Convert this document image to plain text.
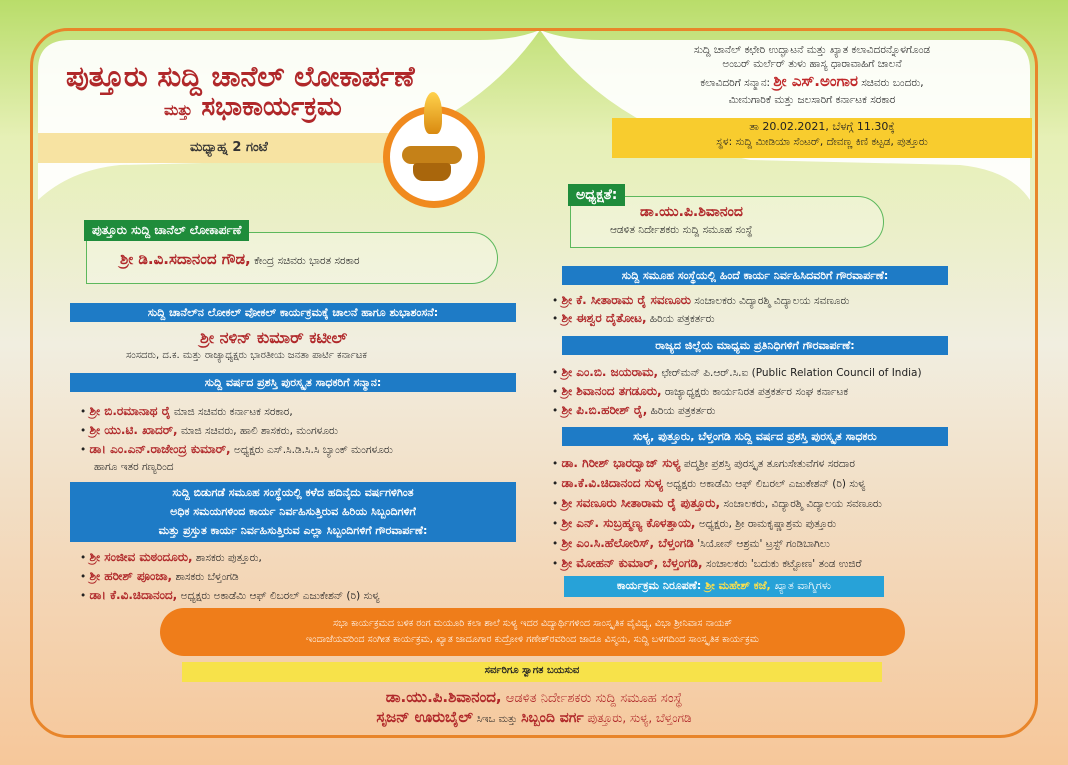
ಪುತ್ತೂರು ಸುದ್ದಿ ಚಾನೆಲ್ ಲೋಕಾರ್ಪಣೆ
ಮತ್ತು ಸಭಾಕಾರ್ಯಕ್ರಮ
ಮಧ್ಯಾಹ್ನ 2 ಗಂಟೆ
ಸುದ್ದಿ ಚಾನೆಲ್ ಕಛೇರಿ ಉದ್ಘಾಟನೆ ಮತ್ತು ಖ್ಯಾತ ಕಲಾವಿದರನ್ನೊಳಗೊಂಡ
ಅಂಬರ್ ಮರ್ಲೆರ್ ತುಳು ಹಾಸ್ಯ ಧಾರಾವಾಹಿಗೆ ಚಾಲನೆ
ಕಲಾವಿದರಿಗೆ ಸನ್ಮಾನ: ಶ್ರೀ ಎಸ್.ಅಂಗಾರ ಸಚಿವರು ಬಂದರು,
ಮೀನುಗಾರಿಕೆ ಮತ್ತು ಜಲಸಾರಿಗೆ ಕರ್ನಾಟಕ ಸರಕಾರ
ತಾ 20.02.2021, ಬೆಳಗ್ಗೆ 11.30ಕ್ಕೆ
ಸ್ಥಳ: ಸುದ್ದಿ ಮೀಡಿಯಾ ಸೆಂಟರ್, ದೇವಣ್ಣ ಕಿಣಿ ಕಟ್ಟಡ, ಪುತ್ತೂರು
ಪುತ್ತೂರು ಸುದ್ದಿ ಚಾನೆಲ್ ಲೋಕಾರ್ಪಣೆ
ಶ್ರೀ ಡಿ.ವಿ.ಸದಾನಂದ ಗೌಡ, ಕೇಂದ್ರ ಸಚಿವರು ಭಾರತ ಸರಕಾರ
ಸುದ್ದಿ ಚಾನೆಲ್‌ನ ಲೋಕಲ್ ವೋಕಲ್ ಕಾರ್ಯಕ್ರಮಕ್ಕೆ ಚಾಲನೆ ಹಾಗೂ ಶುಭಾಶಂಸನೆ:
ಶ್ರೀ ನಳಿನ್ ಕುಮಾರ್ ಕಟೀಲ್
ಸಂಸದರು, ದ.ಕ. ಮತ್ತು ರಾಜ್ಯಾಧ್ಯಕ್ಷರು ಭಾರತೀಯ ಜನತಾ ಪಾರ್ಟಿ ಕರ್ನಾಟಕ
ಸುದ್ದಿ ವರ್ಷದ ಪ್ರಶಸ್ತಿ ಪುರಸ್ಕೃತ ಸಾಧಕರಿಗೆ ಸನ್ಮಾನ:
• ಶ್ರೀ ಬಿ.ರಮಾನಾಥ ರೈ ಮಾಜಿ ಸಚಿವರು ಕರ್ನಾಟಕ ಸರಕಾರ,
• ಶ್ರೀ ಯು.ಟಿ. ಖಾದರ್, ಮಾಜಿ ಸಚಿವರು, ಹಾಲಿ ಶಾಸಕರು, ಮಂಗಳೂರು
• ಡಾ। ಎಂ.ಎನ್.ರಾಜೇಂದ್ರ ಕುಮಾರ್, ಅಧ್ಯಕ್ಷರು ಎಸ್.ಸಿ.ಡಿ.ಸಿ.ಸಿ ಬ್ಯಾಂಕ್ ಮಂಗಳೂರು
ಹಾಗೂ ಇತರ ಗಣ್ಯರಿಂದ
ಸುದ್ದಿ ಬಿಡುಗಡೆ ಸಮೂಹ ಸಂಸ್ಥೆಯಲ್ಲಿ ಕಳೆದ ಹದಿನೈದು ವರ್ಷಗಳಿಗಿಂತ
ಅಧಿಕ ಸಮಯಗಳಿಂದ ಕಾರ್ಯ ನಿರ್ವಹಿಸುತ್ತಿರುವ ಹಿರಿಯ ಸಿಬ್ಬಂದಿಗಳಿಗೆ
ಮತ್ತು ಪ್ರಸ್ತುತ ಕಾರ್ಯ ನಿರ್ವಹಿಸುತ್ತಿರುವ ಎಲ್ಲಾ ಸಿಬ್ಬಂದಿಗಳಿಗೆ ಗೌರವಾರ್ಪಣೆ:
• ಶ್ರೀ ಸಂಜೀವ ಮಠಂದೂರು, ಶಾಸಕರು ಪುತ್ತೂರು,
• ಶ್ರೀ ಹರೀಶ್ ಪೂಂಜಾ, ಶಾಸಕರು ಬೆಳ್ತಂಗಡಿ
• ಡಾ। ಕೆ.ವಿ.ಚಿದಾನಂದ, ಅಧ್ಯಕ್ಷರು ಅಕಾಡೆಮಿ ಆಫ್ ಲಿಬರಲ್ ಎಜುಕೇಶನ್ (ರಿ) ಸುಳ್ಯ
ಅಧ್ಯಕ್ಷತೆ:
ಡಾ.ಯು.ಪಿ.ಶಿವಾನಂದ
ಆಡಳಿತ ನಿರ್ದೇಶಕರು ಸುದ್ದಿ ಸಮೂಹ ಸಂಸ್ಥೆ
ಸುದ್ದಿ ಸಮೂಹ ಸಂಸ್ಥೆಯಲ್ಲಿ ಹಿಂದೆ ಕಾರ್ಯ ನಿರ್ವಹಿಸಿದವರಿಗೆ ಗೌರವಾರ್ಪಣೆ:
• ಶ್ರೀ ಕೆ. ಸೀತಾರಾಮ ರೈ ಸವಣೂರು ಸಂಚಾಲಕರು ವಿದ್ಯಾರಶ್ಮಿ ವಿದ್ಯಾಲಯ ಸವಣೂರು
• ಶ್ರೀ ಈಶ್ವರ ದೈತೋಟ, ಹಿರಿಯ ಪತ್ರಕರ್ತರು
ರಾಜ್ಯದ ಜಿಲ್ಲೆಯ ಮಾಧ್ಯಮ ಪ್ರತಿನಿಧಿಗಳಿಗೆ ಗೌರವಾರ್ಪಣೆ:
• ಶ್ರೀ ಎಂ.ಬಿ. ಜಯರಾಮ, ಛೇರ್‌ಮನ್ ಪಿ.ಆರ್.ಸಿ.ಐ (Public Relation Council of India)
• ಶ್ರೀ ಶಿವಾನಂದ ತಗಡೂರು, ರಾಜ್ಯಾಧ್ಯಕ್ಷರು ಕಾರ್ಯನಿರತ ಪತ್ರಕರ್ತರ ಸಂಘ ಕರ್ನಾಟಕ
• ಶ್ರೀ ಪಿ.ಬಿ.ಹರೀಶ್ ರೈ, ಹಿರಿಯ ಪತ್ರಕರ್ತರು
ಸುಳ್ಯ, ಪುತ್ತೂರು, ಬೆಳ್ತಂಗಡಿ ಸುದ್ದಿ ವರ್ಷದ ಪ್ರಶಸ್ತಿ ಪುರಸ್ಕೃತ ಸಾಧಕರು
• ಡಾ. ಗಿರೀಶ್ ಭಾರದ್ವಾಜ್ ಸುಳ್ಯ ಪದ್ಮಶ್ರೀ ಪ್ರಶಸ್ತಿ ಪುರಸ್ಕೃತ ತೂಗುಸೇತುವೆಗಳ ಸರದಾರ
• ಡಾ.ಕೆ.ವಿ.ಚಿದಾನಂದ ಸುಳ್ಯ ಅಧ್ಯಕ್ಷರು ಅಕಾಡೆಮಿ ಆಫ್ ಲಿಬರಲ್ ಎಜುಕೇಶನ್ (ರಿ) ಸುಳ್ಯ
• ಶ್ರೀ ಸವಣೂರು ಸೀತಾರಾಮ ರೈ ಪುತ್ತೂರು, ಸಂಚಾಲಕರು, ವಿದ್ಯಾರಶ್ಮಿ ವಿದ್ಯಾಲಯ ಸವಣೂರು
• ಶ್ರೀ ಎನ್. ಸುಬ್ರಹ್ಮಣ್ಯ ಕೊಳತ್ತಾಯ, ಅಧ್ಯಕ್ಷರು, ಶ್ರೀ ರಾಮಕೃಷ್ಣಾಶ್ರಮ ಪುತ್ತೂರು
• ಶ್ರೀ ಎಂ.ಸಿ.ಹೆಲೋರಿಸ್, ಬೆಳ್ತಂಗಡಿ 'ಸಿಯೋನ್ ಆಶ್ರಮ' ಟ್ರಸ್ಟ್ ಗಂಡಿಬಾಗಿಲು
• ಶ್ರೀ ಮೋಹನ್ ಕುಮಾರ್, ಬೆಳ್ತಂಗಡಿ, ಸಂಚಾಲಕರು 'ಬದುಕು ಕಟ್ಟೋಣ' ತಂಡ ಉಜಿರೆ
ಕಾರ್ಯಕ್ರಮ ನಿರೂಪಣೆ: ಶ್ರೀ ಮಹೇಶ್ ಕಜೆ, ಖ್ಯಾತ ವಾಗ್ಮಿಗಳು
ಸಭಾ ಕಾರ್ಯಕ್ರಮದ ಬಳಿಕ ರಂಗ ಮಯೂರಿ ಕಲಾ ಶಾಲೆ ಸುಳ್ಯ ಇದರ ವಿದ್ಯಾರ್ಥಿಗಳಿಂದ ಸಾಂಸ್ಕೃತಿಕ ವೈವಿಧ್ಯ, ವಿಭಾ ಶ್ರೀನಿವಾಸ ನಾಯಕ್
ಇಂದಾಜೆಯವರಿಂದ ಸಂಗೀತ ಕಾರ್ಯಕ್ರಮ, ಖ್ಯಾತ ಜಾದೂಗಾರ ಕುದ್ರೋಳಿ ಗಣೇಶ್‌ರವರಿಂದ ಜಾದೂ ವಿಸ್ಮಯ, ಸುದ್ದಿ ಬಳಗದಿಂದ ಸಾಂಸ್ಕೃತಿಕ ಕಾರ್ಯಕ್ರಮ
ಸರ್ವರಿಗೂ ಸ್ವಾಗತ ಬಯಸುವ
ಡಾ.ಯು.ಪಿ.ಶಿವಾನಂದ, ಆಡಳಿತ ನಿರ್ದೇಶಕರು ಸುದ್ದಿ ಸಮೂಹ ಸಂಸ್ಥೆ
ಸೃಜನ್ ಊರುಬೈಲ್ ಸಿಇಒ ಮತ್ತು ಸಿಬ್ಬಂದಿ ವರ್ಗ ಪುತ್ತೂರು, ಸುಳ್ಯ, ಬೆಳ್ತಂಗಡಿ
